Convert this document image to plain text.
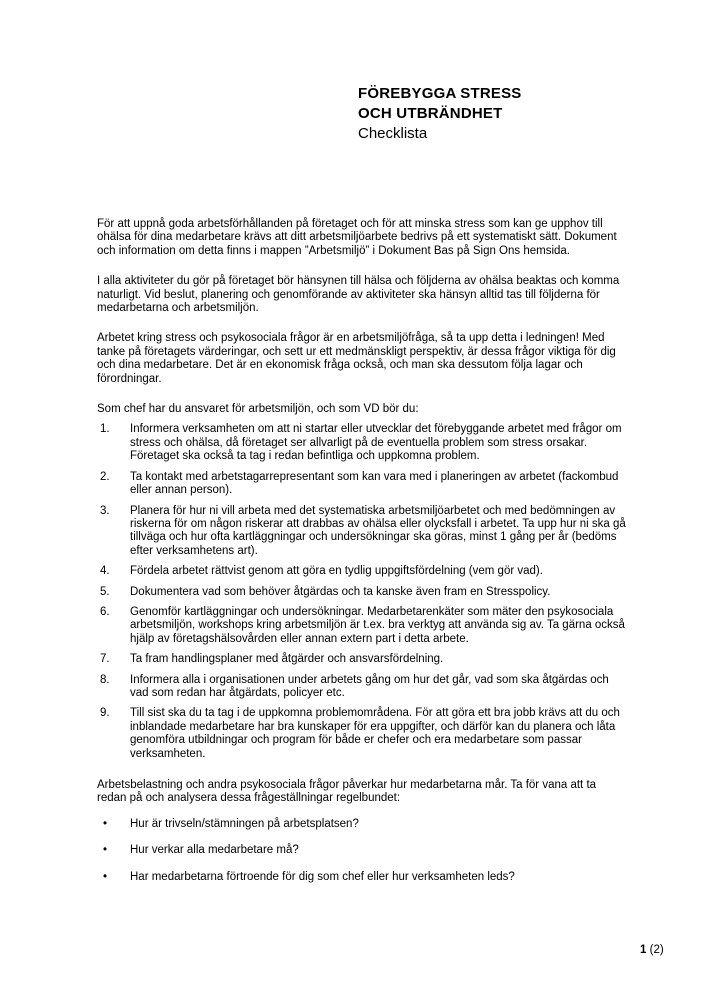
FÖREBYGGA STRESS
OCH UTBRÄNDHET
Checklista

För att uppnå goda arbetsförhållanden på företaget och för att minska stress som kan ge upphov till ohälsa för dina medarbetare krävs att ditt arbetsmiljöarbete bedrivs på ett systematiskt sätt. Dokument och information om detta finns i mappen ”Arbetsmiljö” i Dokument Bas på Sign Ons hemsida.

I alla aktiviteter du gör på företaget bör hänsynen till hälsa och följderna av ohälsa beaktas och komma naturligt. Vid beslut, planering och genomförande av aktiviteter ska hänsyn alltid tas till följderna för medarbetarna och arbetsmiljön.

Arbetet kring stress och psykosociala frågor är en arbetsmiljöfråga, så ta upp detta i ledningen! Med tanke på företagets värderingar, och sett ur ett medmänskligt perspektiv, är dessa frågor viktiga för dig och dina medarbetare. Det är en ekonomisk fråga också, och man ska dessutom följa lagar och förordningar.

Som chef har du ansvaret för arbetsmiljön, och som VD bör du:

1.	Informera verksamheten om att ni startar eller utvecklar det förebyggande arbetet med frågor om stress och ohälsa, då företaget ser allvarligt på de eventuella problem som stress orsakar. Företaget ska också ta tag i redan befintliga och uppkomna problem.
2.	Ta kontakt med arbetstagarrepresentant som kan vara med i planeringen av arbetet (fackombud eller annan person).
3.	Planera för hur ni vill arbeta med det systematiska arbetsmiljöarbetet och med bedömningen av riskerna för om någon riskerar att drabbas av ohälsa eller olycksfall i arbetet. Ta upp hur ni ska gå tillväga och hur ofta kartläggningar och undersökningar ska göras, minst 1 gång per år (bedöms efter verksamhetens art).
4.	Fördela arbetet rättvist genom att göra en tydlig uppgiftsfördelning (vem gör vad).
5.	Dokumentera vad som behöver åtgärdas och ta kanske även fram en Stresspolicy.
6.	Genomför kartläggningar och undersökningar. Medarbetarenkäter som mäter den psykosociala arbetsmiljön, workshops kring arbetsmiljön är t.ex. bra verktyg att använda sig av. Ta gärna också hjälp av företagshälsovården eller annan extern part i detta arbete.
7.	Ta fram handlingsplaner med åtgärder och ansvarsfördelning.
8.	Informera alla i organisationen under arbetets gång om hur det går, vad som ska åtgärdas och vad som redan har åtgärdats, policyer etc.
9.	Till sist ska du ta tag i de uppkomna problemområdena. För att göra ett bra jobb krävs att du och inblandade medarbetare har bra kunskaper för era uppgifter, och därför kan du planera och låta genomföra utbildningar och program för både er chefer och era medarbetare som passar verksamheten.

Arbetsbelastning och andra psykosociala frågor påverkar hur medarbetarna mår. Ta för vana att ta redan på och analysera dessa frågeställningar regelbundet:

•	Hur är trivseln/stämningen på arbetsplatsen?
•	Hur verkar alla medarbetare må?
•	Har medarbetarna förtroende för dig som chef eller hur verksamheten leds?
1 (2)
